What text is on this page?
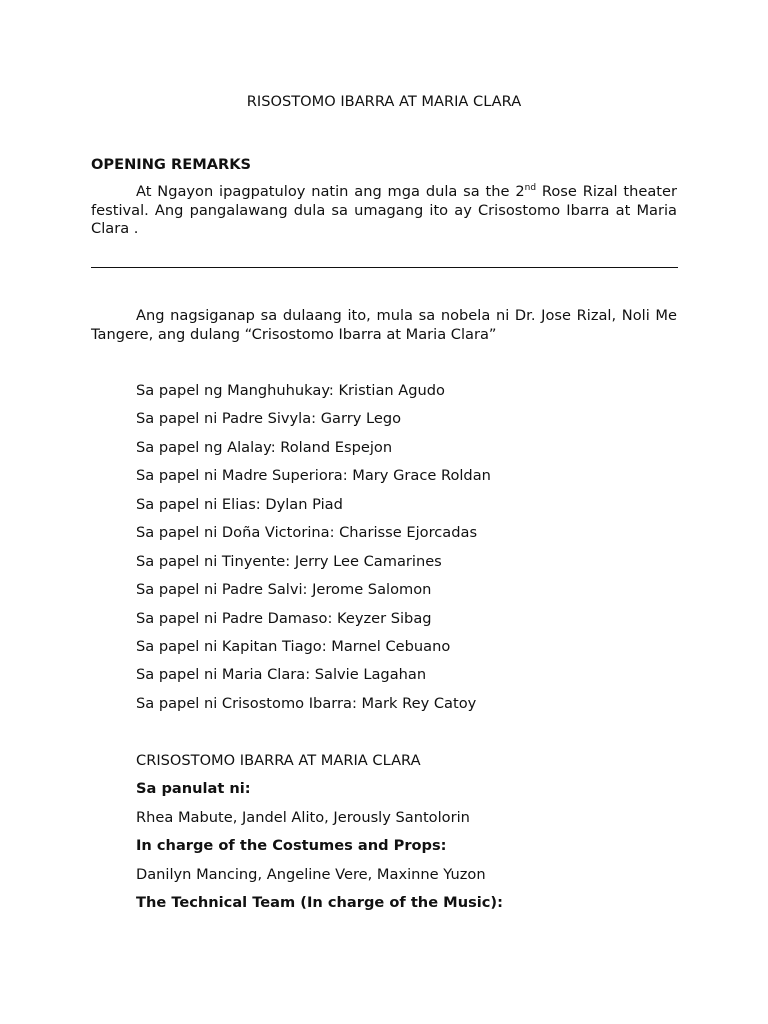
RISOSTOMO IBARRA AT MARIA CLARA
OPENING REMARKS

At Ngayon ipagpatuloy natin ang mga dula sa the 2nd Rose Rizal theater festival. Ang pangalawang dula sa umagang ito ay Crisostomo Ibarra at Maria Clara .

Ang nagsiganap sa dulaang ito, mula sa nobela ni Dr. Jose Rizal, Noli Me Tangere, ang dulang “Crisostomo Ibarra at Maria Clara”

Sa papel ng Manghuhukay: Kristian Agudo
Sa papel ni Padre Sivyla: Garry Lego
Sa papel ng Alalay: Roland Espejon
Sa papel ni Madre Superiora: Mary Grace Roldan
Sa papel ni Elias: Dylan Piad
Sa papel ni Doña Victorina: Charisse Ejorcadas
Sa papel ni Tinyente: Jerry Lee Camarines
Sa papel ni Padre Salvi: Jerome Salomon
Sa papel ni Padre Damaso: Keyzer Sibag
Sa papel ni Kapitan Tiago: Marnel Cebuano
Sa papel ni Maria Clara: Salvie Lagahan
Sa papel ni Crisostomo Ibarra: Mark Rey Catoy
CRISOSTOMO IBARRA AT MARIA CLARA
Sa panulat ni:
Rhea Mabute, Jandel Alito, Jerously Santolorin
In charge of the Costumes and Props:
Danilyn Mancing, Angeline Vere, Maxinne Yuzon
The Technical Team (In charge of the Music):
